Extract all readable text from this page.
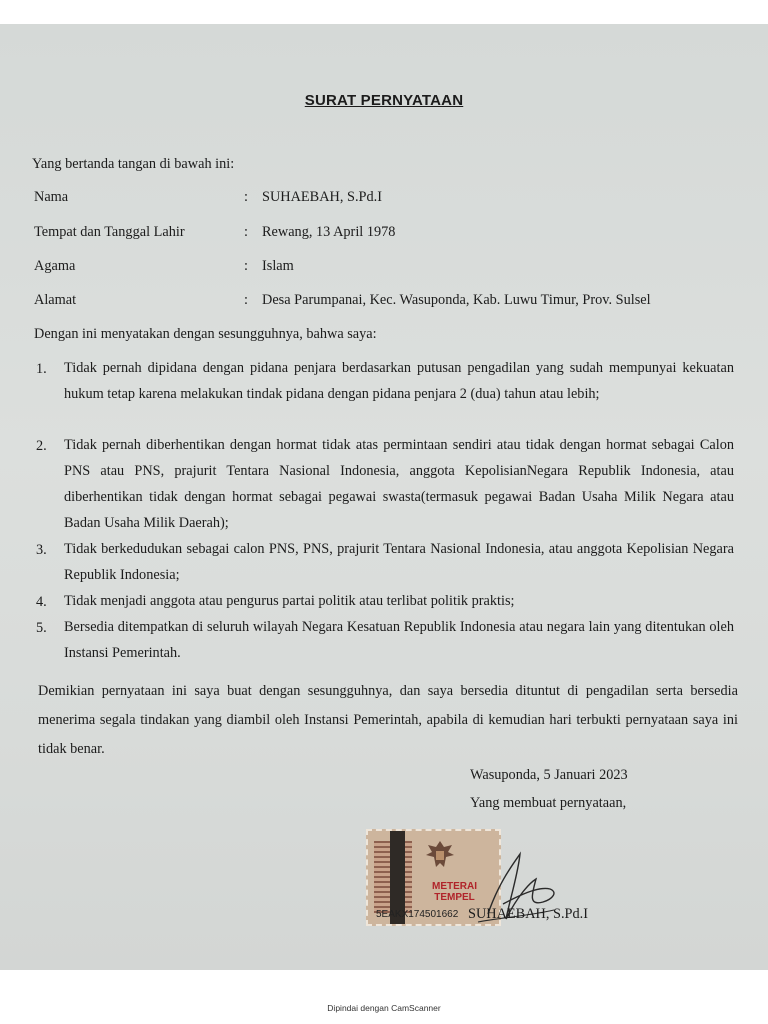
SURAT PERNYATAAN
Yang bertanda tangan di bawah ini:
Nama	: SUHAEBAH, S.Pd.I
Tempat dan Tanggal Lahir	: Rewang, 13 April 1978
Agama	: Islam
Alamat	: Desa Parumpanai, Kec. Wasuponda, Kab. Luwu Timur, Prov. Sulsel
Dengan ini menyatakan dengan sesungguhnya, bahwa saya:
1. Tidak pernah dipidana dengan pidana penjara berdasarkan putusan pengadilan yang sudah mempunyai kekuatan hukum tetap karena melakukan tindak pidana dengan pidana penjara 2 (dua) tahun atau lebih;
2. Tidak pernah diberhentikan dengan hormat tidak atas permintaan sendiri atau tidak dengan hormat sebagai Calon PNS atau PNS, prajurit Tentara Nasional Indonesia, anggota KepolisianNegara Republik Indonesia, atau diberhentikan tidak dengan hormat sebagai pegawai swasta(termasuk pegawai Badan Usaha Milik Negara atau Badan Usaha Milik Daerah);
3. Tidak berkedudukan sebagai calon PNS, PNS, prajurit Tentara Nasional Indonesia, atau anggota Kepolisian Negara Republik Indonesia;
4. Tidak menjadi anggota atau pengurus partai politik atau terlibat politik praktis;
5. Bersedia ditempatkan di seluruh wilayah Negara Kesatuan Republik Indonesia atau negara lain yang ditentukan oleh Instansi Pemerintah.
Demikian pernyataan ini saya buat dengan sesungguhnya, dan saya bersedia dituntut di pengadilan serta bersedia menerima segala tindakan yang diambil oleh Instansi Pemerintah, apabila di kemudian hari terbukti pernyataan saya ini tidak benar.
Wasuponda, 5 Januari 2023
Yang membuat pernyataan,
METERAI
TEMPEL
5EAKX174501662 SUHAEBAH, S.Pd.I
Dipindai dengan CamScanner
